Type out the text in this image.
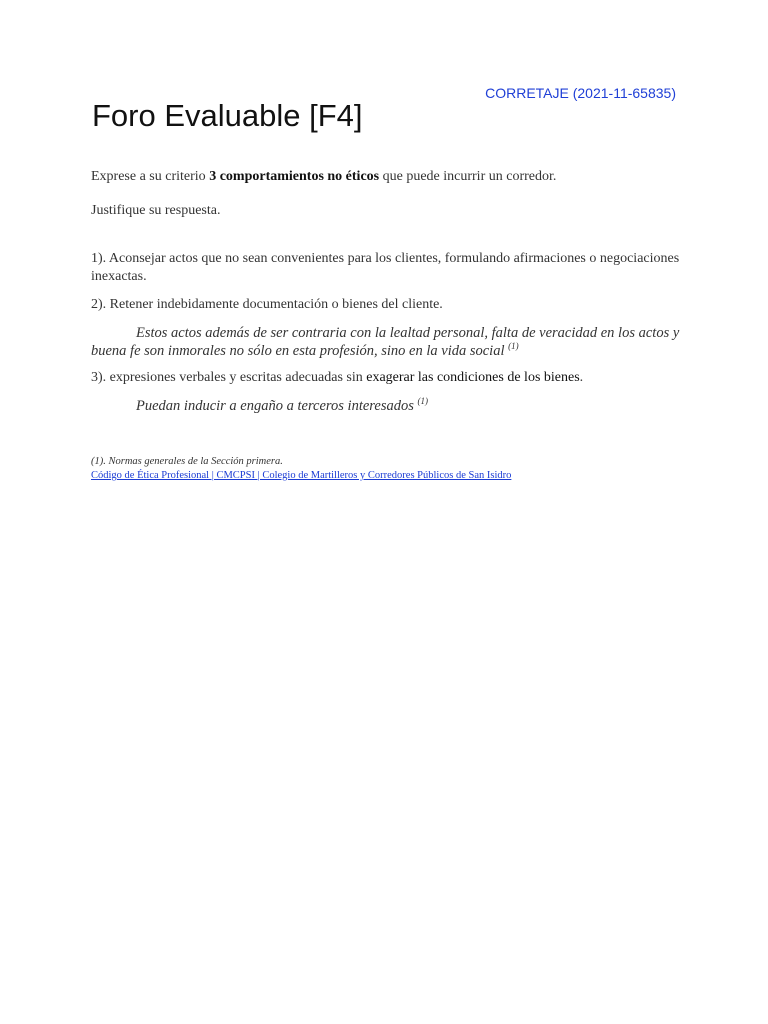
CORRETAJE (2021-11-65835)
Foro Evaluable [F4]

Exprese a su criterio 3 comportamientos no éticos que puede incurrir un corredor.

Justifique su respuesta.

1). Aconsejar actos que no sean convenientes para los clientes, formulando afirmaciones o negociaciones inexactas.

2). Retener indebidamente documentación o bienes del cliente.

Estos actos además de ser contraria con la lealtad personal, falta de veracidad en los actos y buena fe son inmorales no sólo en esta profesión, sino en la vida social $^{(1)}$

3). expresiones verbales y escritas adecuadas sin exagerar las condiciones de los bienes.

Puedan inducir a engaño a terceros interesados $^{(1)}$

(1). Normas generales de la Sección primera.
Código de Ética Profesional | CMCPSI | Colegio de Martilleros y Corredores Públicos de San Isidro
